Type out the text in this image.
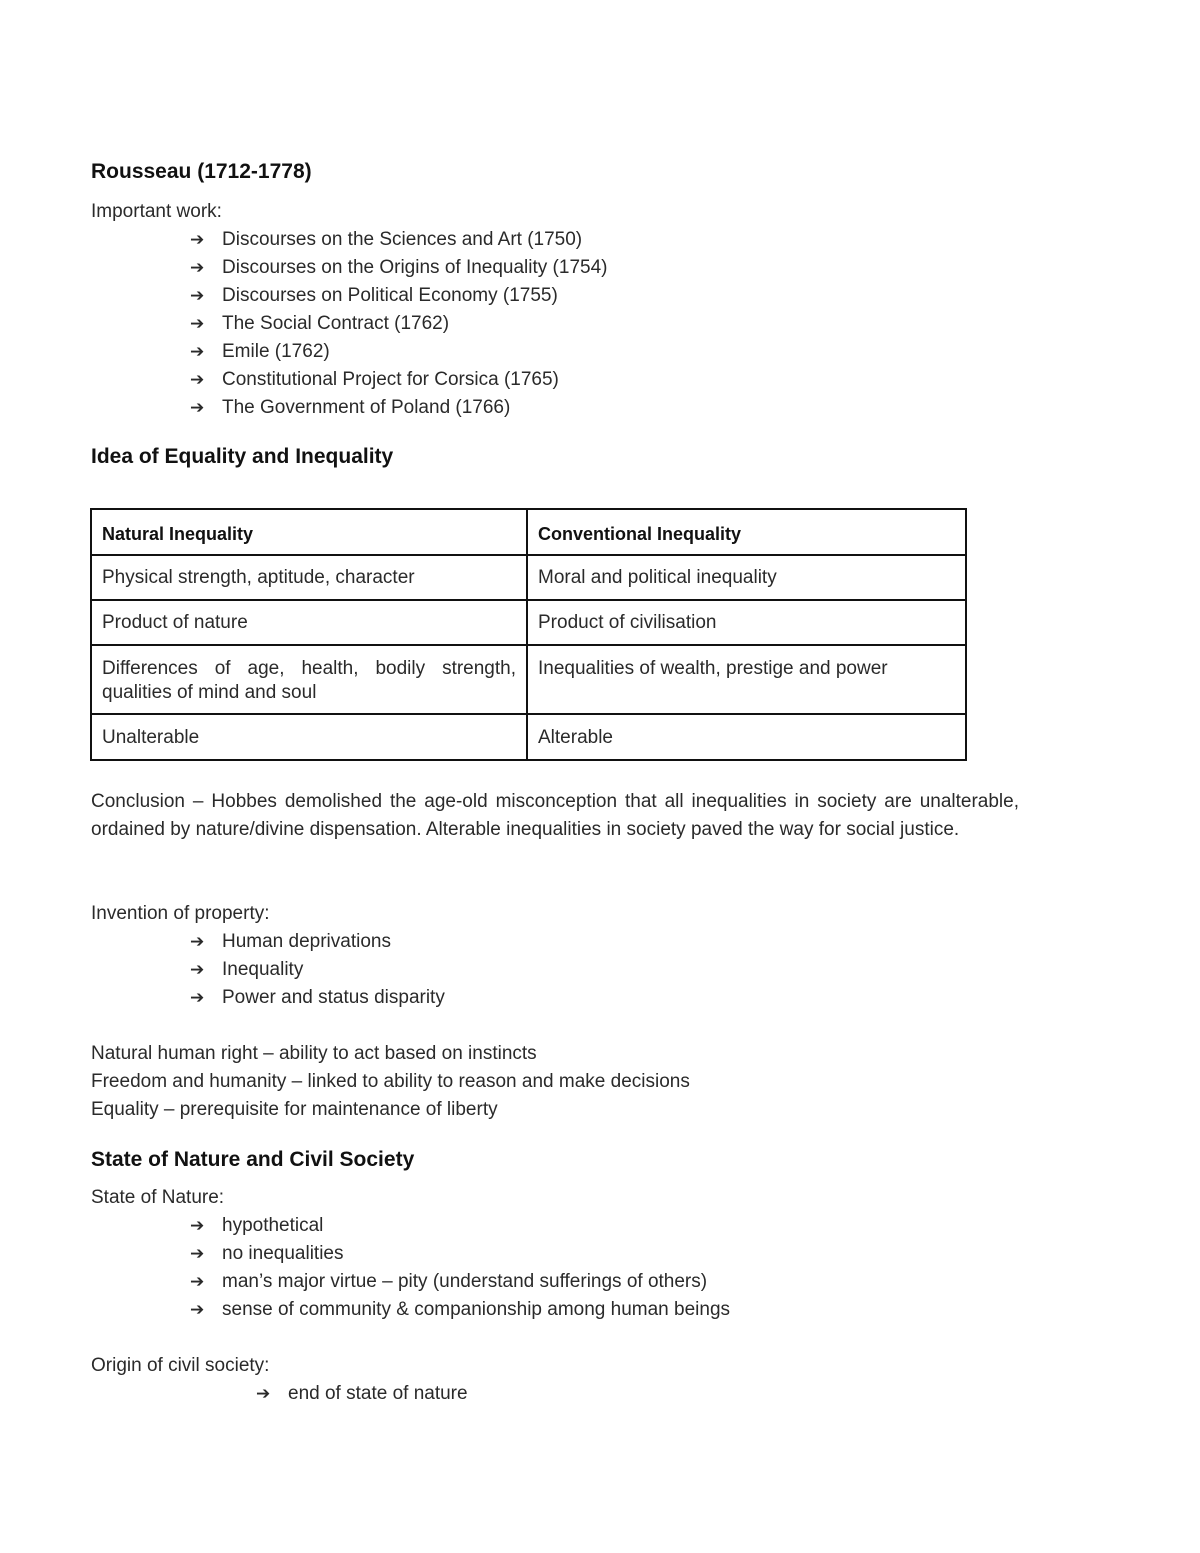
Rousseau (1712-1778)
Important work:
➔ Discourses on the Sciences and Art (1750)
➔ Discourses on the Origins of Inequality (1754)
➔ Discourses on Political Economy (1755)
➔ The Social Contract (1762)
➔ Emile (1762)
➔ Constitutional Project for Corsica (1765)
➔ The Government of Poland (1766)
Idea of Equality and Inequality
Natural Inequality	Conventional Inequality
Physical strength, aptitude, character	Moral and political inequality
Product of nature	Product of civilisation
Differences of age, health, bodily strength, qualities of mind and soul	Inequalities of wealth, prestige and power
Unalterable	Alterable
Conclusion – Hobbes demolished the age-old misconception that all inequalities in society are unalterable, ordained by nature/divine dispensation. Alterable inequalities in society paved the way for social justice.
Invention of property:
➔ Human deprivations
➔ Inequality
➔ Power and status disparity
Natural human right – ability to act based on instincts
Freedom and humanity – linked to ability to reason and make decisions
Equality – prerequisite for maintenance of liberty
State of Nature and Civil Society
State of Nature:
➔ hypothetical
➔ no inequalities
➔ man’s major virtue – pity (understand sufferings of others)
➔ sense of community & companionship among human beings
Origin of civil society:
➔ end of state of nature
